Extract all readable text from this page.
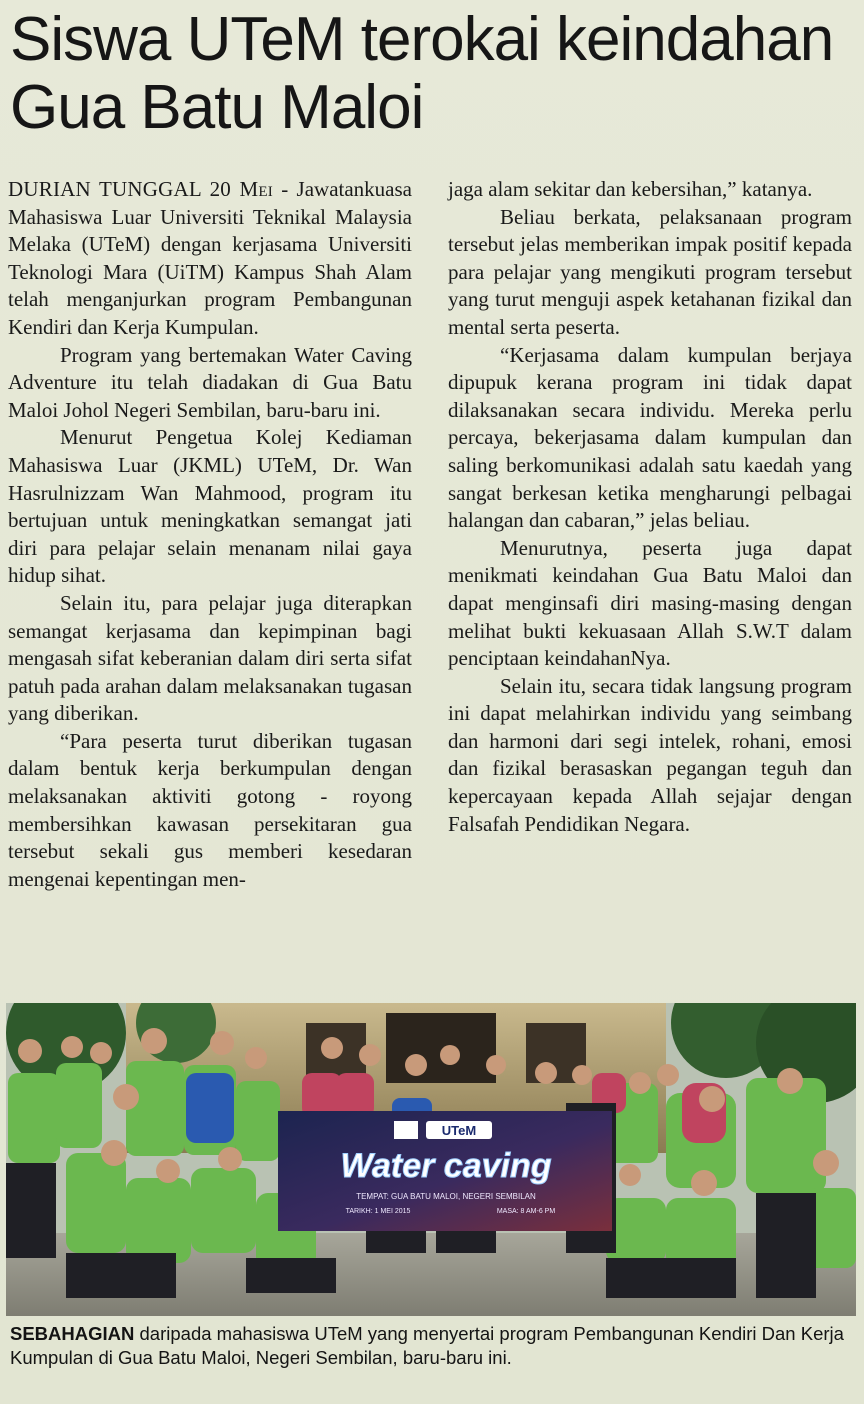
Siswa UTeM terokai keindahan Gua Batu Maloi

DURIAN TUNGGAL 20 Mei - Jawatankuasa Mahasiswa Luar Universiti Teknikal Malaysia Melaka (UTeM) dengan kerjasama Universiti Teknologi Mara (UiTM) Kampus Shah Alam telah menganjurkan program Pembangunan Kendiri dan Kerja Kumpulan.

Program yang bertemakan Water Caving Adventure itu telah diadakan di Gua Batu Maloi Johol Negeri Sembilan, baru-baru ini.

Menurut Pengetua Kolej Kediaman Mahasiswa Luar (JKML) UTeM, Dr. Wan Hasrulnizzam Wan Mahmood, program itu bertujuan untuk meningkatkan semangat jati diri para pelajar selain menanam nilai gaya hidup sihat.

Selain itu, para pelajar juga diterapkan semangat kerjasama dan kepimpinan bagi mengasah sifat keberanian dalam diri serta sifat patuh pada arahan dalam melaksanakan tugasan yang diberikan.

“Para peserta turut diberikan tugasan dalam bentuk kerja berkumpulan dengan melaksanakan aktiviti gotong - royong membersihkan kawasan persekitaran gua tersebut sekali gus memberi kesedaran mengenai kepentingan men-

jaga alam sekitar dan kebersihan,” katanya.

Beliau berkata, pelaksanaan program tersebut jelas memberikan impak positif kepada para pelajar yang mengikuti program tersebut yang turut menguji aspek ketahanan fizikal dan mental serta peserta.

“Kerjasama dalam kumpulan berjaya dipupuk kerana program ini tidak dapat dilaksanakan secara individu. Mereka perlu percaya, bekerjasama dalam kumpulan dan saling berkomunikasi adalah satu kaedah yang sangat berkesan ketika mengharungi pelbagai halangan dan cabaran,” jelas beliau.

Menurutnya, peserta juga dapat menikmati keindahan Gua Batu Maloi dan dapat menginsafi diri masing-masing dengan melihat bukti kekuasaan Allah S.W.T dalam penciptaan keindahanNya.

Selain itu, secara tidak langsung program ini dapat melahirkan individu yang seimbang dan harmoni dari segi intelek, rohani, emosi dan fizikal berasaskan pegangan teguh dan kepercayaan kepada Allah sejajar dengan Falsafah Pendidikan Negara.

UTeM
Water caving
TEMPAT: GUA BATU MALOI, NEGERI SEMBILAN
TARIKH: 1 MEI 2015	MASA: 8 AM-6 PM

SEBAHAGIAN daripada mahasiswa UTeM yang menyertai program Pembangunan Kendiri Dan Kerja Kumpulan di Gua Batu Maloi, Negeri Sembilan, baru-baru ini.
